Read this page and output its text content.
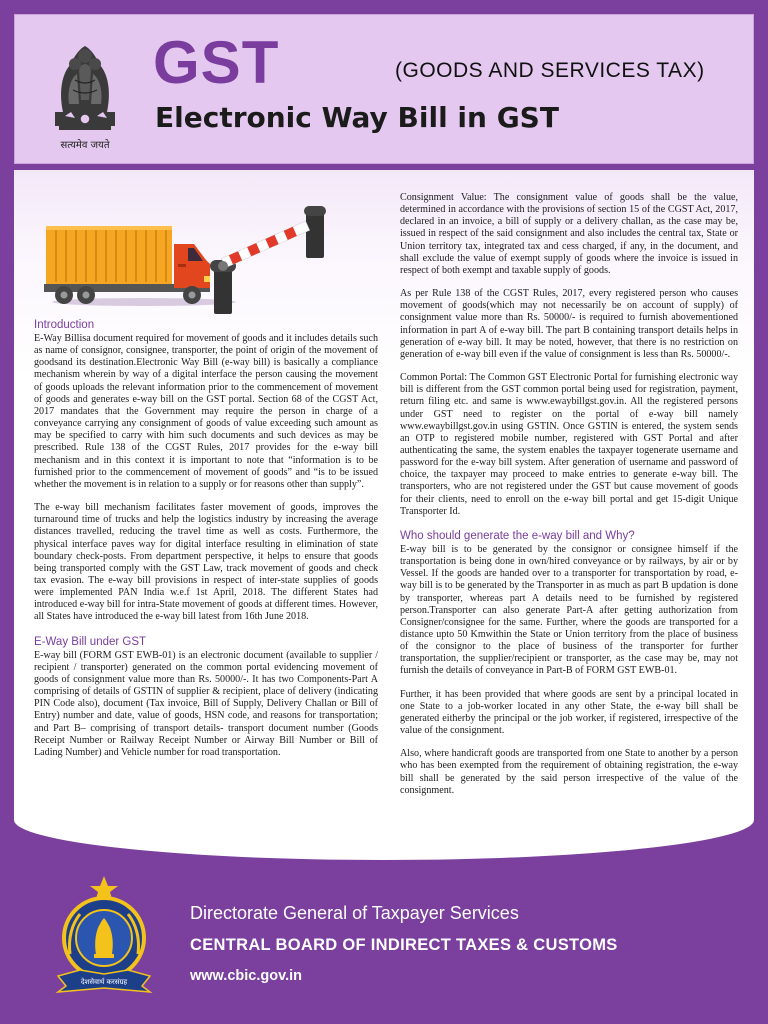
सत्यमेव जयते
GST	(GOODS AND SERVICES TAX)
Electronic Way Bill in GST
Introduction

E-Way Billisa document required for movement of goods and it includes details such as name of consignor, consignee, transporter, the point of origin of the movement of goodsand its destination.Electronic Way Bill (e-way bill) is basically a compliance mechanism wherein by way of a digital interface the person causing the movement of goods uploads the relevant information prior to the commencement of movement of goods and generates e-way bill on the GST portal. Section 68 of the CGST Act, 2017 mandates that the Government may require the person in charge of a conveyance carrying any consignment of goods of value exceeding such amount as may be specified to carry with him such documents and such devices as may be prescribed. Rule 138 of the CGST Rules, 2017 provides for the e-way bill mechanism and in this context it is important to note that “information is to be furnished prior to the commencement of movement of goods” and “is to be issued whether the movement is in relation to a supply or for reasons other than supply”.

The e-way bill mechanism facilitates faster movement of goods, improves the turnaround time of trucks and help the logistics industry by increasing the average distances travelled, reducing the travel time as well as costs. Furthermore, the physical interface paves way for digital interface resulting in elimination of state boundary check-posts. From department perspective, it helps to ensure that goods being transported comply with the GST Law, track movement of goods and check tax evasion. The e-way bill provisions in respect of inter-state supplies of goods were implemented PAN India w.e.f 1st April, 2018. The different States had introduced e-way bill for intra-State movement of goods at different times. However, all States have introduced the e-way bill latest from 16th June 2018.

E-Way Bill under GST

E-way bill (FORM GST EWB-01) is an electronic document (available to supplier / recipient / transporter) generated on the common portal evidencing movement of goods of consignment value more than Rs. 50000/-. It has two Components-Part A comprising of details of GSTIN of supplier & recipient, place of delivery (indicating PIN Code also), document (Tax invoice, Bill of Supply, Delivery Challan or Bill of Entry) number and date, value of goods, HSN code, and reasons for transportation; and Part B– comprising of transport details- transport document number (Goods Receipt Number or Railway Receipt Number or Airway Bill Number or Bill of Lading Number) and Vehicle number for road transportation.

Consignment Value: The consignment value of goods shall be the value, determined in accordance with the provisions of section 15 of the CGST Act, 2017, declared in an invoice, a bill of supply or a delivery challan, as the case may be, issued in respect of the said consignment and also includes the central tax, State or Union territory tax, integrated tax and cess charged, if any, in the document, and shall exclude the value of exempt supply of goods where the invoice is issued in respect of both exempt and taxable supply of goods.

As per Rule 138 of the CGST Rules, 2017, every registered person who causes movement of goods(which may not necessarily be on account of supply) of consignment value more than Rs. 50000/- is required to furnish abovementioned information in part A of e-way bill. The part B containing transport details helps in generation of e-way bill. It may be noted, however, that there is no restriction on generation of e-way bill even if the value of consignment is less than Rs. 50000/-.

Common Portal: The Common GST Electronic Portal for furnishing electronic way bill is different from the GST common portal being used for registration, payment, return filing etc. and same is www.ewaybillgst.gov.in. All the registered persons under GST need to register on the portal of e-way bill namely www.ewaybillgst.gov.in using GSTIN. Once GSTIN is entered, the system sends an OTP to registered mobile number, registered with GST Portal and after authenticating the same, the system enables the taxpayer togenerate username and password for the e-way bill system. After generation of username and password of choice, the taxpayer may proceed to make entries to generate e-way bill. The transporters, who are not registered under the GST but cause movement of goods for their clients, need to enroll on the e-way bill portal and get 15-digit Unique Transporter Id.

Who should generate the e-way bill and Why?

E-way bill is to be generated by the consignor or consignee himself if the transportation is being done in own/hired conveyance or by railways, by air or by Vessel. If the goods are handed over to a transporter for transportation by road, e-way bill is to be generated by the Transporter in as much as part B updation is done by transporter, whereas part A details need to be furnished by registered person.Transporter can also generate Part-A after getting authorization from Consigner/consignee for the same. Further, where the goods are transported for a distance upto 50 Kmwithin the State or Union territory from the place of business of the consignor to the place of business of the transporter for further transportation, the supplier/recipient or transporter, as the case may be, may not furnish the details of conveyance in Part-B of FORM GST EWB-01.

Further, it has been provided that where goods are sent by a principal located in one State to a job-worker located in any other State, the e-way bill shall be generated eitherby the principal or the job worker, if registered, irrespective of the value of the consignment.

Also, where handicraft goods are transported from one State to another by a person who has been exempted from the requirement of obtaining registration, the e-way bill shall be generated by the said person irrespective of the value of the consignment.

देशसेवार्थ करसंग्रह
Directorate General of Taxpayer Services
CENTRAL BOARD OF INDIRECT TAXES & CUSTOMS
www.cbic.gov.in
